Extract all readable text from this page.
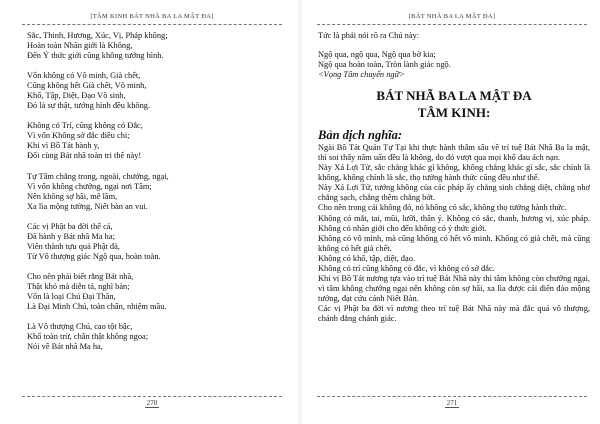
[TÂM KINH BÁT NHÃ BA LA MẬT ĐA]
Sắc, Thinh, Hương, Xúc, Vị, Pháp không;
Hoàn toàn Nhãn giới là Không,
Đến Ý thức giới cũng không tướng hình.
Vốn không có Vô minh, Già chết,
Cũng không hết Già chết, Vô minh,
Khổ, Tập, Diệt, Đạo Vô sinh,
Đó là sự thật, tướng hình đều không.
Không có Trí, cũng không có Đắc,
Vì vốn Không sở đắc điều chi;
Khi vì Bồ Tát hành y,
Đối cùng Bát nhã toàn tri thế này!
Tự Tâm chẳng trong, ngoài, chướng, ngại,
Vì vốn không chướng, ngại nơi Tâm;
Nên không sợ hãi, mê lầm,
Xa lìa mộng tưởng, Niết bàn an vui.
Các vị Phật ba đời thế cả,
Đã hành y Bát nhã Ma ha;
Viên thành tựu quả Phật đà,
Từ Vô thượng giác Ngộ qua, hoàn toàn.
Cho nên phải biết rằng Bát nhã,
Thật khó mà diễn tả, nghĩ bàn;
Vốn là loại Chú Đại Thần,
Là Đại Minh Chú, toàn chân, nhiệm mầu.
Là Vô thượng Chú, cao tột bậc,
Khổ toàn trừ, chân thật không ngoa;
Nói về Bát nhã Ma ha,
270
[BÁT NHÃ BA LA MẬT ĐA]
Tức là phải nói rõ ra Chú này:
Ngộ qua, ngộ qua, Ngộ qua bờ kia;
Ngộ qua hoàn toàn, Tròn lành giác ngộ.
<Vọng Tâm chuyển ngữ>
BÁT NHÃ BA LA MẬT ĐA
TÂM KINH:
Bản dịch nghĩa:
Ngài Bồ Tát Quán Tự Tại khi thực hành thâm sâu về trí tuệ Bát Nhã Ba la mật, thì soi thấy năm uẩn đều là không, do đó vượt qua mọi khổ đau ách nạn.
Này Xá Lợi Tử, sắc chẳng khác gì không, không chẳng khác gì sắc, sắc chính là không, không chính là sắc, thọ tưởng hành thức cũng đều như thế.
Này Xá Lợi Tử, tướng không của các pháp ấy chẳng sinh chẳng diệt, chẳng nhơ chẳng sạch, chẳng thêm chẳng bớt.
Cho nên trong cái không đó, nó không có sắc, không thọ tưởng hành thức.
Không có mắt, tai, mũi, lưỡi, thân ý. Không có sắc, thanh, hương vị, xúc pháp. Không có nhãn giới cho đến không có ý thức giới.
Không có vô minh, mà cũng không có hết vô minh. Không có già chết, mà cũng không có hết già chết.
Không có khổ, tập, diệt, đạo.
Không có trí cũng không có đắc, vì không có sở đắc.
Khi vị Bồ Tát nương tựa vào trí tuệ Bát Nhã này thì tâm không còn chướng ngại, vì tâm không chướng ngại nên không còn sợ hãi, xa lìa được cái điên đảo mộng tưởng, đạt cứu cánh Niết Bàn.
Các vị Phật ba đời vì nương theo trí tuệ Bát Nhã này mà đắc quả vô thượng, chánh đẳng chánh giác.
271
